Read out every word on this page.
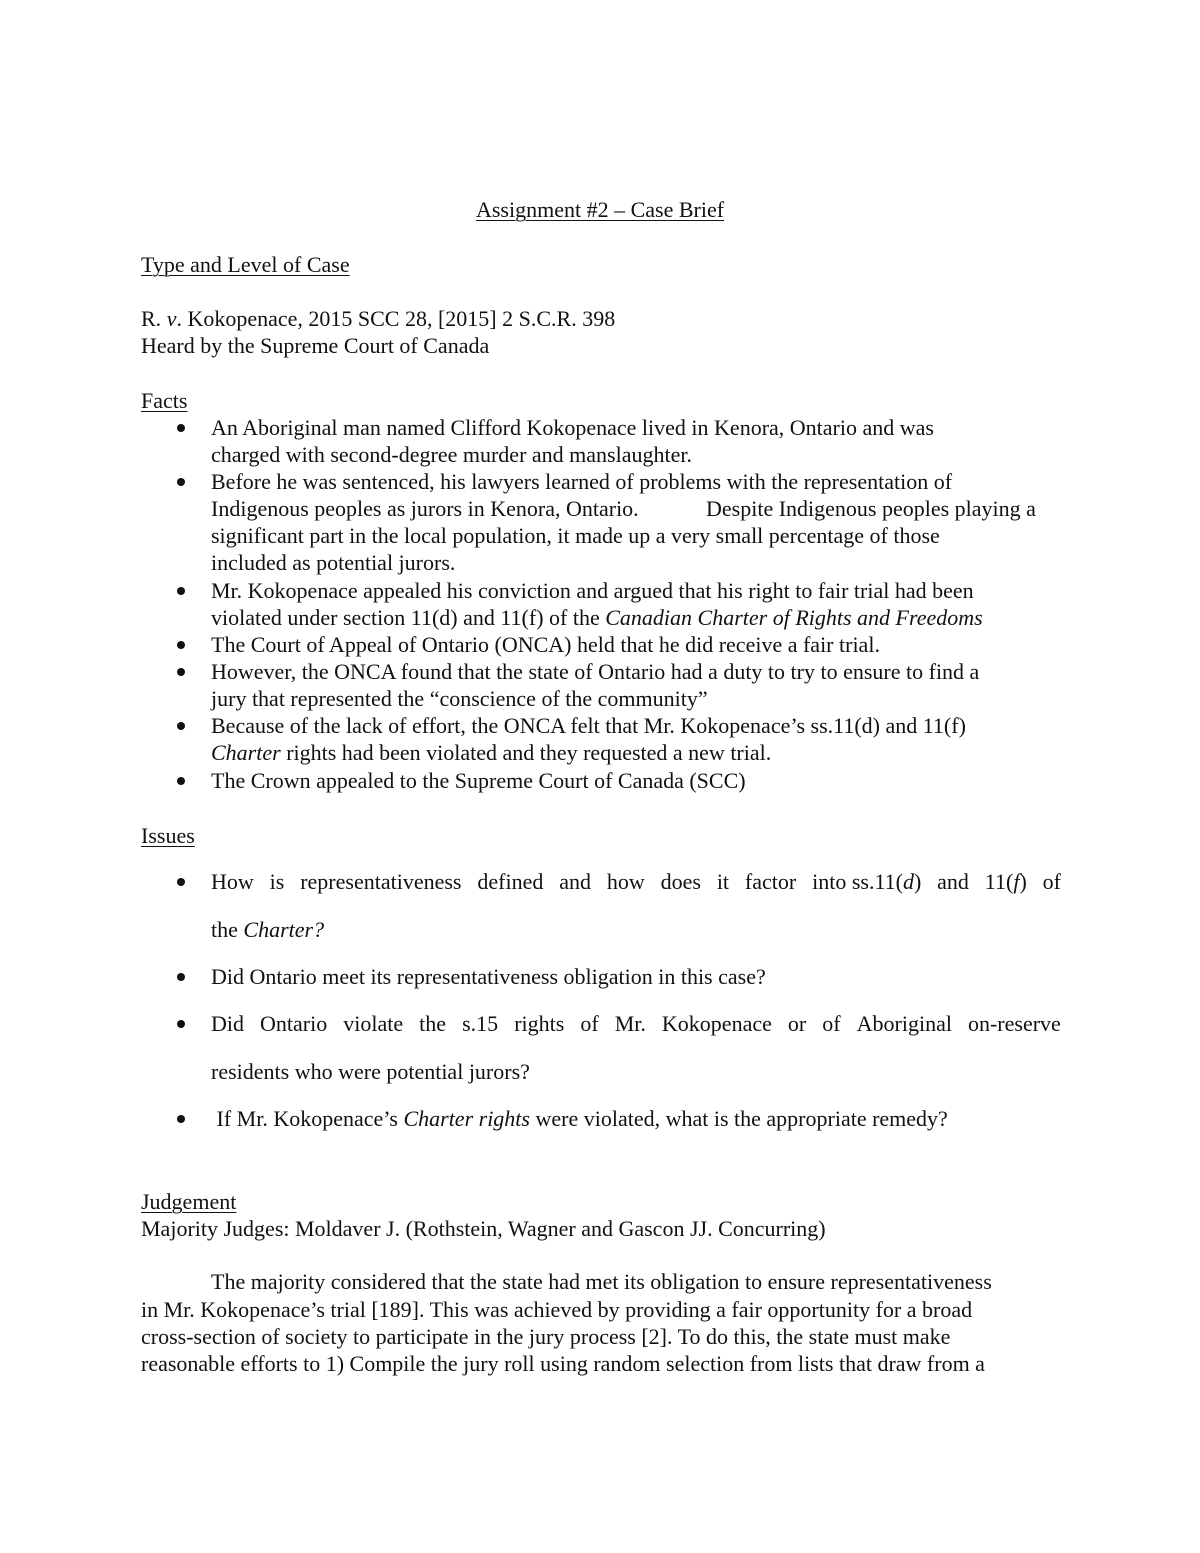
Assignment #2 – Case Brief
Type and Level of Case
R. v. Kokopenace, 2015 SCC 28, [2015] 2 S.C.R. 398
Heard by the Supreme Court of Canada
Facts
An Aboriginal man named Clifford Kokopenace lived in Kenora, Ontario and was
charged with second-degree murder and manslaughter.
Before he was sentenced, his lawyers learned of problems with the representation of
Indigenous peoples as jurors in Kenora, Ontario.	Despite Indigenous peoples playing a
significant part in the local population, it made up a very small percentage of those
included as potential jurors.
Mr. Kokopenace appealed his conviction and argued that his right to fair trial had been
violated under section 11(d) and 11(f) of the Canadian Charter of Rights and Freedoms
The Court of Appeal of Ontario (ONCA) held that he did receive a fair trial.
However, the ONCA found that the state of Ontario had a duty to try to ensure to find a
jury that represented the “conscience of the community”
Because of the lack of effort, the ONCA felt that Mr. Kokopenace’s ss.11(d) and 11(f)
Charter rights had been violated and they requested a new trial.
The Crown appealed to the Supreme Court of Canada (SCC)
Issues
How is representativeness defined and how does it factor into ss.11(d) and 11(f) of
the Charter?
Did Ontario meet its representativeness obligation in this case?
Did Ontario violate the s.15 rights of Mr. Kokopenace or of Aboriginal on-reserve
residents who were potential jurors?
If Mr. Kokopenace’s Charter rights were violated, what is the appropriate remedy?
Judgement
Majority Judges: Moldaver J. (Rothstein, Wagner and Gascon JJ. Concurring)
The majority considered that the state had met its obligation to ensure representativeness
in Mr. Kokopenace’s trial [189]. This was achieved by providing a fair opportunity for a broad
cross-section of society to participate in the jury process [2]. To do this, the state must make
reasonable efforts to 1) Compile the jury roll using random selection from lists that draw from a
